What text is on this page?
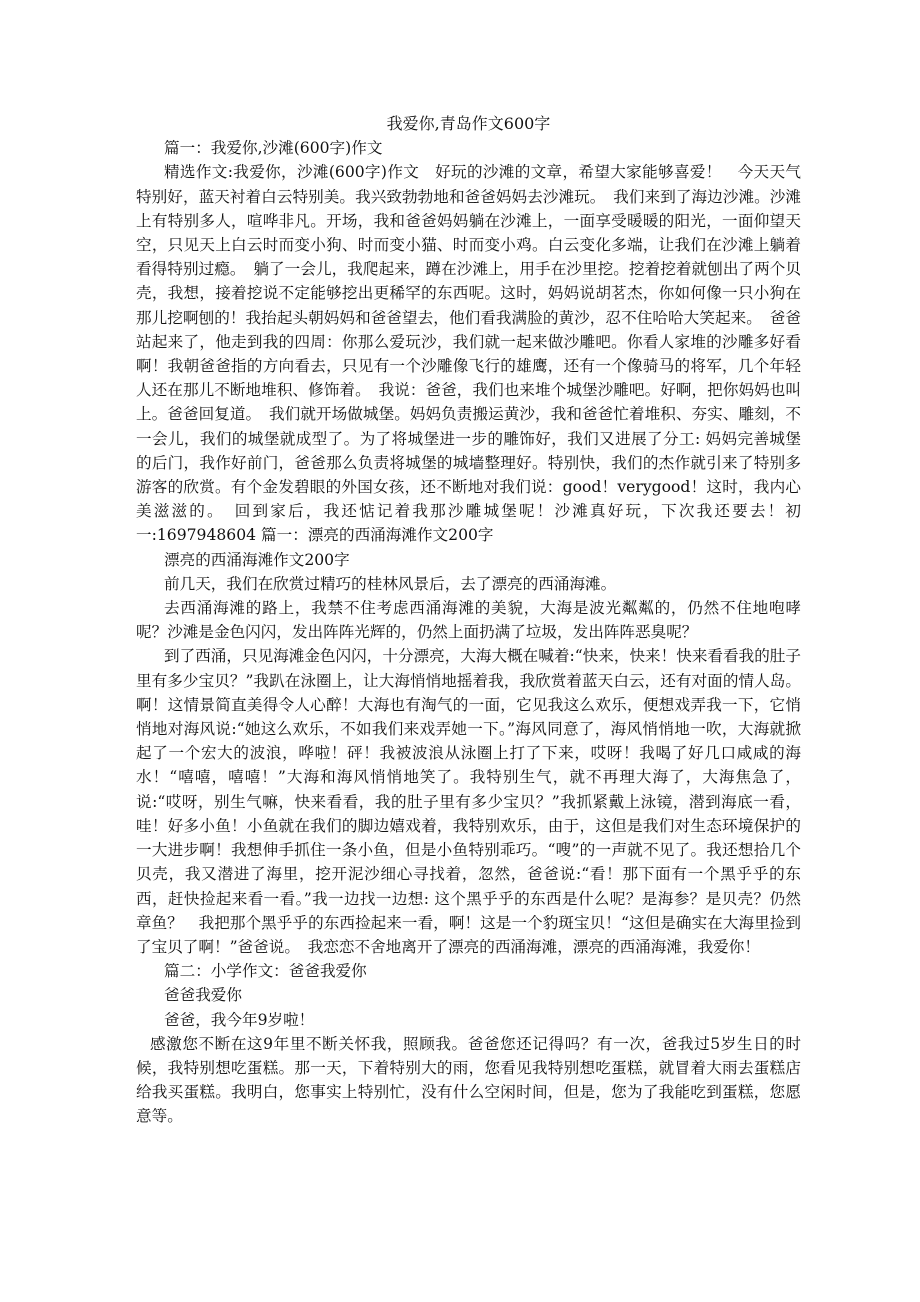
我爱你,青岛作文600字

篇一：我爱你,沙滩(600字)作文

精选作文:我爱你，沙滩(600字)作文　好玩的沙滩的文章，希望大家能够喜爱！　今天天气特别好，蓝天衬着白云特别美。我兴致勃勃地和爸爸妈妈去沙滩玩。　我们来到了海边沙滩。沙滩上有特别多人，喧哗非凡。开场，我和爸爸妈妈躺在沙滩上，一面享受暖暖的阳光，一面仰望天空，只见天上白云时而变小狗、时而变小猫、时而变小鸡。白云变化多端，让我们在沙滩上躺着看得特别过瘾。　躺了一会儿，我爬起来，蹲在沙滩上，用手在沙里挖。挖着挖着就刨出了两个贝壳，我想，接着挖说不定能够挖出更稀罕的东西呢。这时，妈妈说胡茗杰，你如何像一只小狗在那儿挖啊刨的！我抬起头朝妈妈和爸爸望去，他们看我满脸的黄沙，忍不住哈哈大笑起来。　爸爸站起来了，他走到我的四周：你那么爱玩沙，我们就一起来做沙雕吧。你看人家堆的沙雕多好看啊！我朝爸爸指的方向看去，只见有一个沙雕像飞行的雄鹰，还有一个像骑马的将军，几个年轻人还在那儿不断地堆积、修饰着。　我说：爸爸，我们也来堆个城堡沙雕吧。好啊，把你妈妈也叫上。爸爸回复道。　我们就开场做城堡。妈妈负责搬运黄沙，我和爸爸忙着堆积、夯实、雕刻，不一会儿，我们的城堡就成型了。为了将城堡进一步的雕饰好，我们又进展了分工: 妈妈完善城堡的后门，我作好前门，爸爸那么负责将城堡的城墙整理好。特别快，我们的杰作就引来了特别多游客的欣赏。有个金发碧眼的外国女孩，还不断地对我们说：good！verygood！这时，我内心美滋滋的。　回到家后，我还惦记着我那沙雕城堡呢！沙滩真好玩，下次我还要去！初一:1697948604 篇一：漂亮的西涌海滩作文200字

漂亮的西涌海滩作文200字

前几天，我们在欣赏过精巧的桂林风景后，去了漂亮的西涌海滩。

去西涌海滩的路上，我禁不住考虑西涌海滩的美貌，大海是波光粼粼的，仍然不住地咆哮呢？沙滩是金色闪闪，发出阵阵光辉的，仍然上面扔满了垃圾，发出阵阵恶臭呢？

到了西涌，只见海滩金色闪闪，十分漂亮，大海大概在喊着:“快来，快来！快来看看我的肚子里有多少宝贝？”我趴在泳圈上，让大海悄悄地摇着我，我欣赏着蓝天白云，还有对面的情人岛。啊！这情景简直美得令人心醉！大海也有淘气的一面，它见我这么欢乐，便想戏弄我一下，它悄悄地对海风说:“她这么欢乐，不如我们来戏弄她一下。”海风同意了，海风悄悄地一吹，大海就掀起了一个宏大的波浪，哗啦！砰！我被波浪从泳圈上打了下来，哎呀！我喝了好几口咸咸的海水！“嘻嘻，嘻嘻！”大海和海风悄悄地笑了。我特别生气，就不再理大海了，大海焦急了，说:“哎呀，别生气嘛，快来看看，我的肚子里有多少宝贝？”我抓紧戴上泳镜，潜到海底一看，哇！好多小鱼！小鱼就在我们的脚边嬉戏着，我特别欢乐，由于，这但是我们对生态环境保护的一大进步啊！我想伸手抓住一条小鱼，但是小鱼特别乖巧。“嗖”的一声就不见了。我还想拾几个贝壳，我又潜进了海里，挖开泥沙细心寻找着，忽然，爸爸说:“看！那下面有一个黑乎乎的东西，赶快捡起来看一看。”我一边找一边想: 这个黑乎乎的东西是什么呢？是海参？是贝壳？仍然章鱼？　我把那个黑乎乎的东西捡起来一看，啊！这是一个豹斑宝贝！“这但是确实在大海里捡到了宝贝了啊！”爸爸说。　我恋恋不舍地离开了漂亮的西涌海滩，漂亮的西涌海滩，我爱你！

篇二：小学作文：爸爸我爱你

爸爸我爱你

爸爸，我今年9岁啦！

感激您不断在这9年里不断关怀我，照顾我。爸爸您还记得吗？有一次，爸我过5岁生日的时候，我特别想吃蛋糕。那一天，下着特别大的雨，您看见我特别想吃蛋糕，就冒着大雨去蛋糕店给我买蛋糕。我明白，您事实上特别忙，没有什么空闲时间，但是，您为了我能吃到蛋糕，您愿意等。
